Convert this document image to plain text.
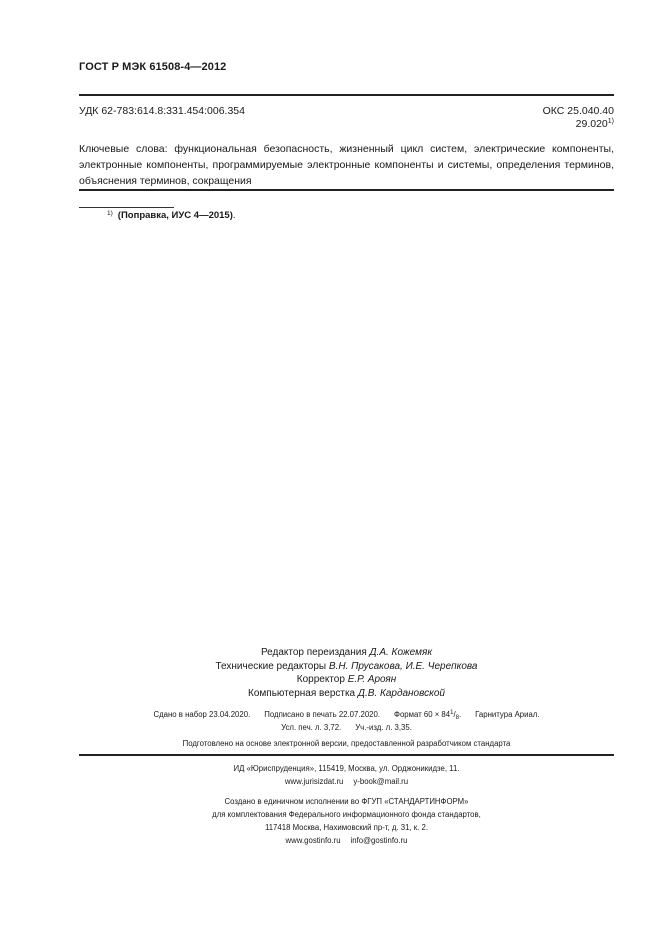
ГОСТ Р МЭК 61508-4—2012
УДК 62-783:614.8:331.454:006.354	ОКС 25.040.40
29.020$^{1)}$
Ключевые слова: функциональная безопасность, жизненный цикл систем, электрические компоненты, электронные компоненты, программируемые электронные компоненты и системы, определения терминов, объяснения терминов, сокращения
$^{1)}$ (Поправка, ИУС 4—2015).
Редактор переиздания Д.А. Кожемяк
Технические редакторы В.Н. Прусакова, И.Е. Черепкова
Корректор Е.Р. Ароян
Компьютерная верстка Д.В. Кардановской
Сдано в набор 23.04.2020. Подписано в печать 22.07.2020. Формат $60 \times 84^1/_8$. Гарнитура Ариал.
Усл. печ. л. 3,72. Уч.-изд. л. 3,35.
Подготовлено на основе электронной версии, предоставленной разработчиком стандарта
ИД «Юриспруденция», 115419, Москва, ул. Орджоникидзе, 11.
www.jurisizdat.ru y-book@mail.ru
Создано в единичном исполнении во ФГУП «СТАНДАРТИНФОРМ»
для комплектования Федерального информационного фонда стандартов,
117418 Москва, Нахимовский пр-т, д. 31, к. 2.
www.gostinfo.ru info@gostinfo.ru
